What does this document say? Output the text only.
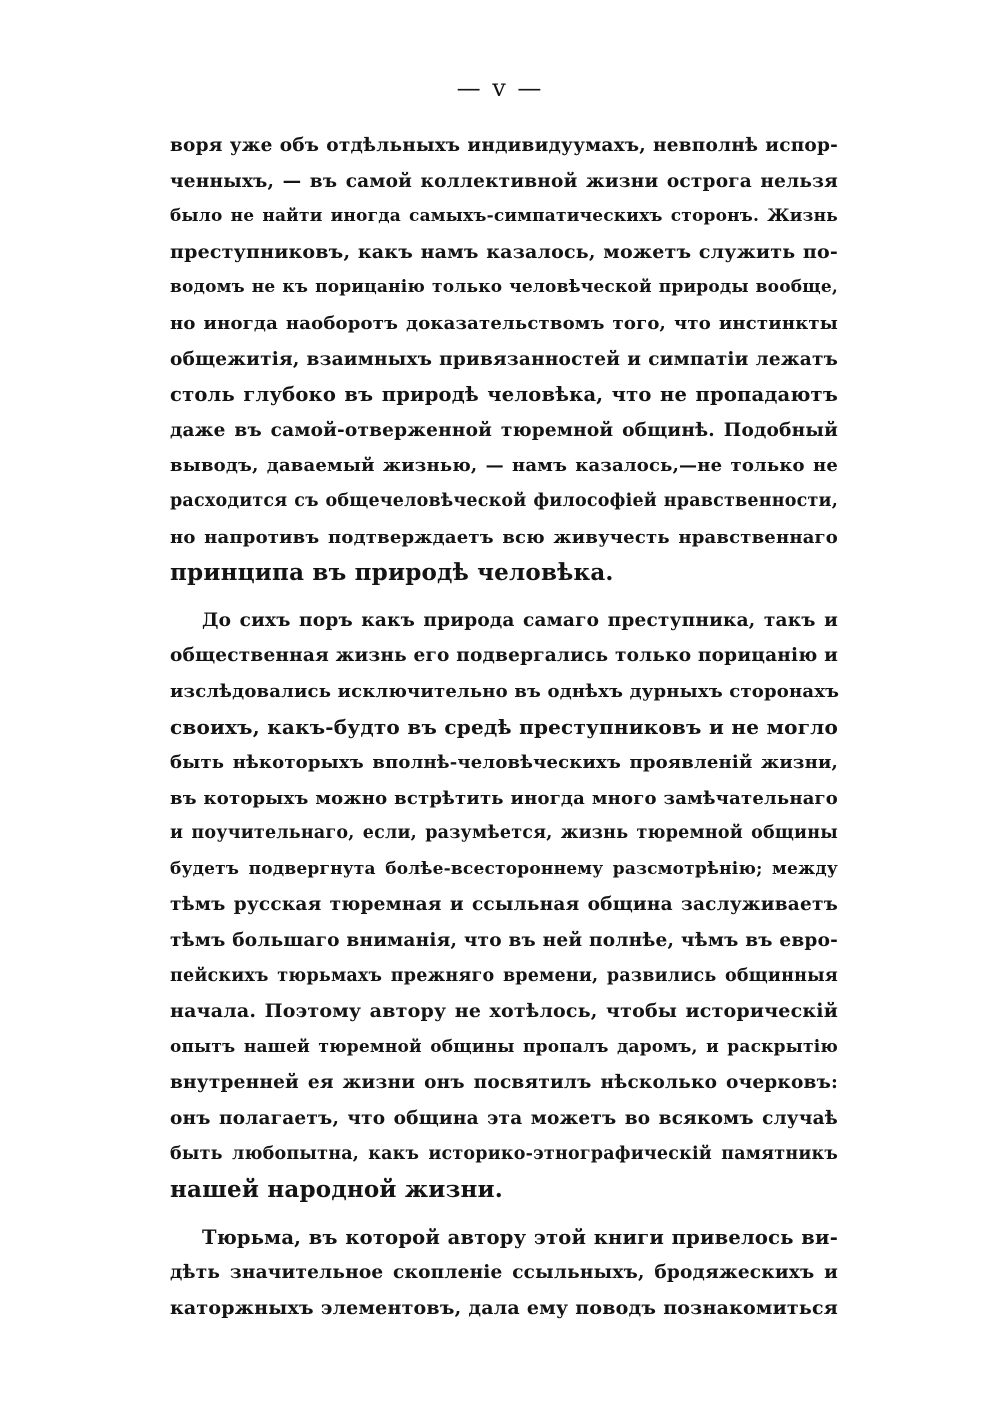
— v —
воря уже объ отдѣльныхъ индивидуумахъ, невполнѣ испор-
ченныхъ, — въ самой коллективной жизни острога нельзя
было не найти иногда самыхъ-симпатическихъ сторонъ. Жизнь
преступниковъ, какъ намъ казалось, можетъ служить по-
водомъ не къ порицанію только человѣческой природы вообще,
но иногда наоборотъ доказательствомъ того, что инстинкты
общежитія, взаимныхъ привязанностей и симпатіи лежатъ
столь глубоко въ природѣ человѣка, что не пропадаютъ
даже въ самой-отверженной тюремной общинѣ. Подобный
выводъ, даваемый жизнью, — намъ казалось,—не только не
расходится съ общечеловѣческой философіей нравственности,
но напротивъ подтверждаетъ всю живучесть нравственнаго
принципа въ природѣ человѣка.
До сихъ поръ какъ природа самаго преступника, такъ и
общественная жизнь его подвергались только порицанію и
изслѣдовались исключительно въ однѣхъ дурныхъ сторонахъ
своихъ, какъ-будто въ средѣ преступниковъ и не могло
быть нѣкоторыхъ вполнѣ-человѣческихъ проявленій жизни,
въ которыхъ можно встрѣтить иногда много замѣчательнаго
и поучительнаго, если, разумѣется, жизнь тюремной общины
будетъ подвергнута болѣе-всестороннему разсмотрѣнію; между
тѣмъ русская тюремная и ссыльная община заслуживаетъ
тѣмъ большаго вниманія, что въ ней полнѣе, чѣмъ въ евро-
пейскихъ тюрьмахъ прежняго времени, развились общинныя
начала. Поэтому автору не хотѣлось, чтобы историческій
опытъ нашей тюремной общины пропалъ даромъ, и раскрытію
внутренней ея жизни онъ посвятилъ нѣсколько очерковъ:
онъ полагаетъ, что община эта можетъ во всякомъ случаѣ
быть любопытна, какъ историко-этнографическій памятникъ
нашей народной жизни.
Тюрьма, въ которой автору этой книги привелось ви-
дѣть значительное скопленіе ссыльныхъ, бродяжескихъ и
каторжныхъ элементовъ, дала ему поводъ познакомиться
